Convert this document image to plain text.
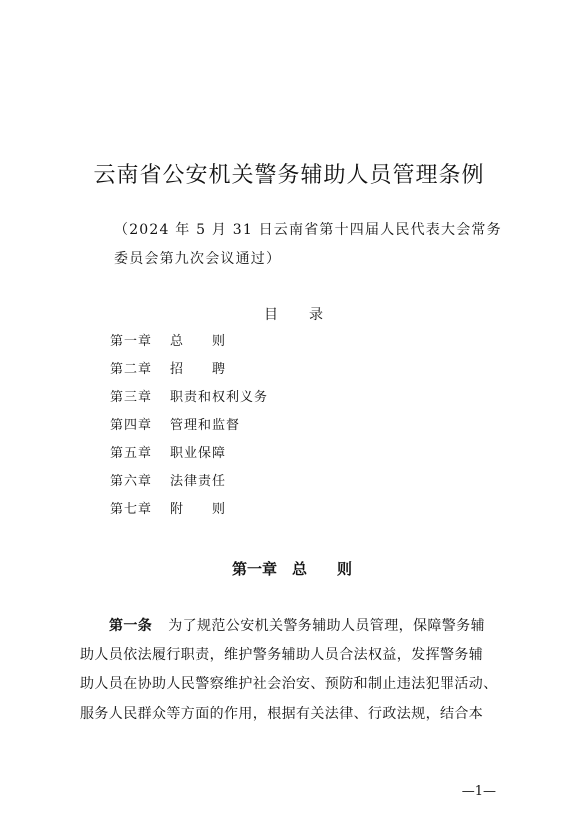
云南省公安机关警务辅助人员管理条例
（2024 年 5 月 31 日云南省第十四届人民代表大会常务
委员会第九次会议通过）
目 录
第一章 总　　则
第二章 招　　聘
第三章 职责和权利义务
第四章 管理和监督
第五章 职业保障
第六章 法律责任
第七章 附　　则
第一章 总　　则
第一条 为了规范公安机关警务辅助人员管理，保障警务辅
助人员依法履行职责，维护警务辅助人员合法权益，发挥警务辅
助人员在协助人民警察维护社会治安、预防和制止违法犯罪活动、
服务人民群众等方面的作用，根据有关法律、行政法规，结合本
—1—
